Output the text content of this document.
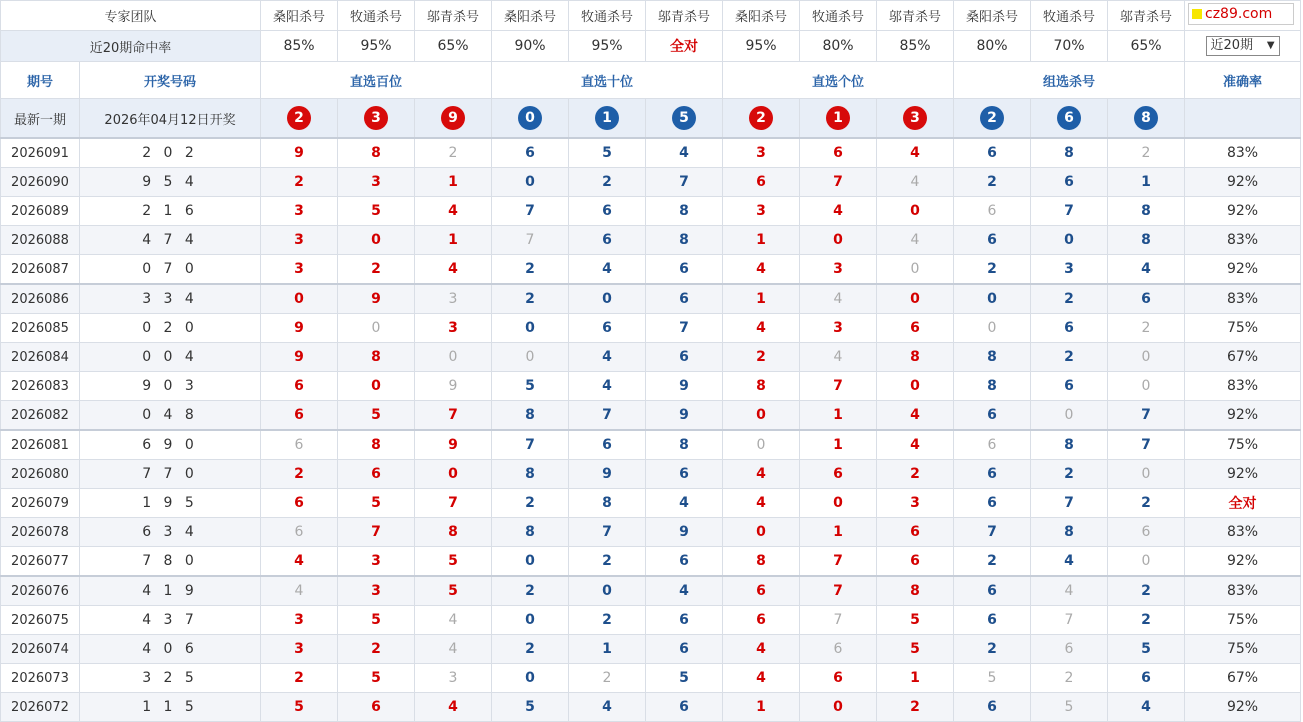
专家团队		桑阳杀号	牧通杀号	邬青杀号	桑阳杀号	牧通杀号	邬青杀号	桑阳杀号	牧通杀号	邬青杀号	桑阳杀号	牧通杀号	邬青杀号	cz89.com

近20期命中率		85%	95%	65%	90%	95%	全对	95%	80%	85%	80%	70%	65%	近20期 ▼

期号	开奖号码	直选百位			直选十位			直选个位			组选杀号			准确率
最新一期	2026年04月12日开奖	2	3	9	0	1	5	2	1	3	2	6	8	
2026091	2 0 2	9	8	2	6	5	4	3	6	4	6	8	2	83%
2026090	9 5 4	2	3	1	0	2	7	6	7	4	2	6	1	92%
2026089	2 1 6	3	5	4	7	6	8	3	4	0	6	7	8	92%
2026088	4 7 4	3	0	1	7	6	8	1	0	4	6	0	8	83%
2026087	0 7 0	3	2	4	2	4	6	4	3	0	2	3	4	92%
2026086	3 3 4	0	9	3	2	0	6	1	4	0	0	2	6	83%
2026085	0 2 0	9	0	3	0	6	7	4	3	6	0	6	2	75%
2026084	0 0 4	9	8	0	0	4	6	2	4	8	8	2	0	67%
2026083	9 0 3	6	0	9	5	4	9	8	7	0	8	6	0	83%
2026082	0 4 8	6	5	7	8	7	9	0	1	4	6	0	7	92%
2026081	6 9 0	6	8	9	7	6	8	0	1	4	6	8	7	75%
2026080	7 7 0	2	6	0	8	9	6	4	6	2	6	2	0	92%
2026079	1 9 5	6	5	7	2	8	4	4	0	3	6	7	2	全对
2026078	6 3 4	6	7	8	8	7	9	0	1	6	7	8	6	83%
2026077	7 8 0	4	3	5	0	2	6	8	7	6	2	4	0	92%
2026076	4 1 9	4	3	5	2	0	4	6	7	8	6	4	2	83%
2026075	4 3 7	3	5	4	0	2	6	6	7	5	6	7	2	75%
2026074	4 0 6	3	2	4	2	1	6	4	6	5	2	6	5	75%
2026073	3 2 5	2	5	3	0	2	5	4	6	1	5	2	6	67%
2026072	1 1 5	5	6	4	5	4	6	1	0	2	6	5	4	92%
